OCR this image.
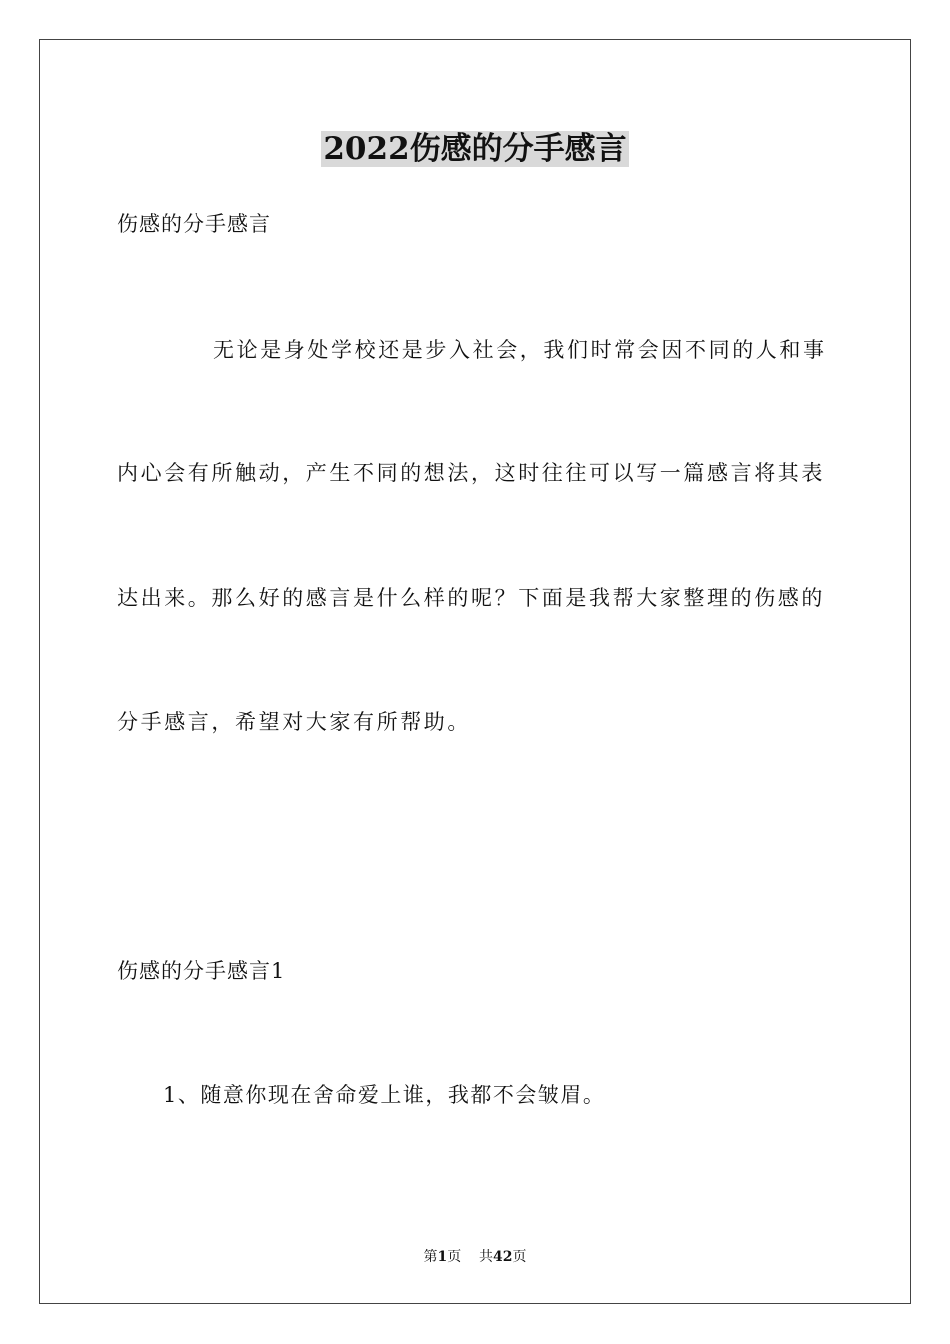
2022伤感的分手感言
伤感的分手感言
无论是身处学校还是步入社会，我们时常会因不同的人和事
内心会有所触动，产生不同的想法，这时往往可以写一篇感言将其表
达出来。那么好的感言是什么样的呢？下面是我帮大家整理的伤感的
分手感言，希望对大家有所帮助。
伤感的分手感言1
1、随意你现在舍命爱上谁，我都不会皱眉。
第1页 共42页
